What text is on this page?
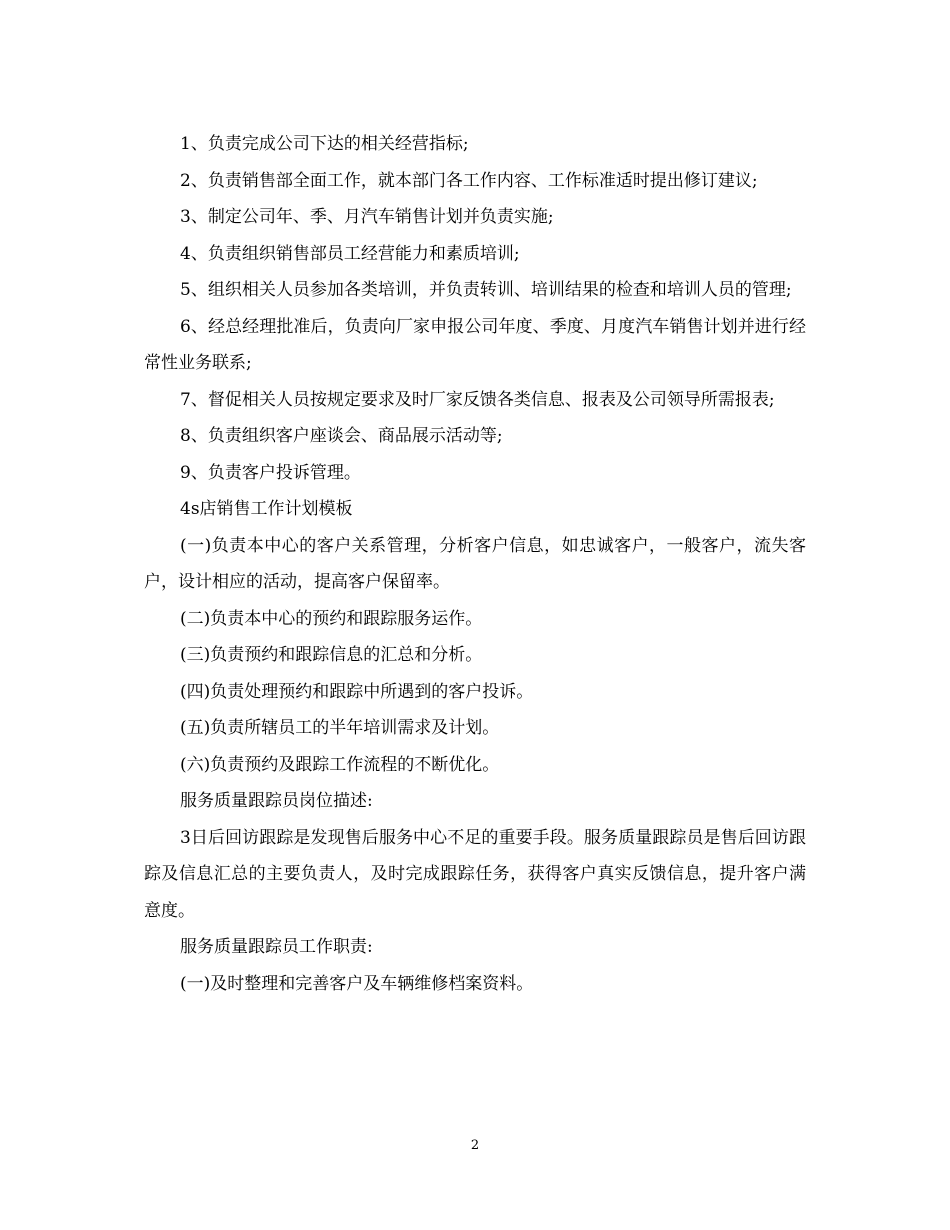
1、负责完成公司下达的相关经营指标;

2、负责销售部全面工作，就本部门各工作内容、工作标准适时提出修订建议;

3、制定公司年、季、月汽车销售计划并负责实施;

4、负责组织销售部员工经营能力和素质培训;

5、组织相关人员参加各类培训，并负责转训、培训结果的检查和培训人员的管理;

6、经总经理批准后，负责向厂家申报公司年度、季度、月度汽车销售计划并进行经常性业务联系;

7、督促相关人员按规定要求及时厂家反馈各类信息、报表及公司领导所需报表;

8、负责组织客户座谈会、商品展示活动等;

9、负责客户投诉管理。

4s店销售工作计划模板

(一)负责本中心的客户关系管理，分析客户信息，如忠诚客户，一般客户，流失客户，设计相应的活动，提高客户保留率。

(二)负责本中心的预约和跟踪服务运作。

(三)负责预约和跟踪信息的汇总和分析。

(四)负责处理预约和跟踪中所遇到的客户投诉。

(五)负责所辖员工的半年培训需求及计划。

(六)负责预约及跟踪工作流程的不断优化。

服务质量跟踪员岗位描述:

3日后回访跟踪是发现售后服务中心不足的重要手段。服务质量跟踪员是售后回访跟踪及信息汇总的主要负责人，及时完成跟踪任务，获得客户真实反馈信息，提升客户满意度。

服务质量跟踪员工作职责:

(一)及时整理和完善客户及车辆维修档案资料。

2
